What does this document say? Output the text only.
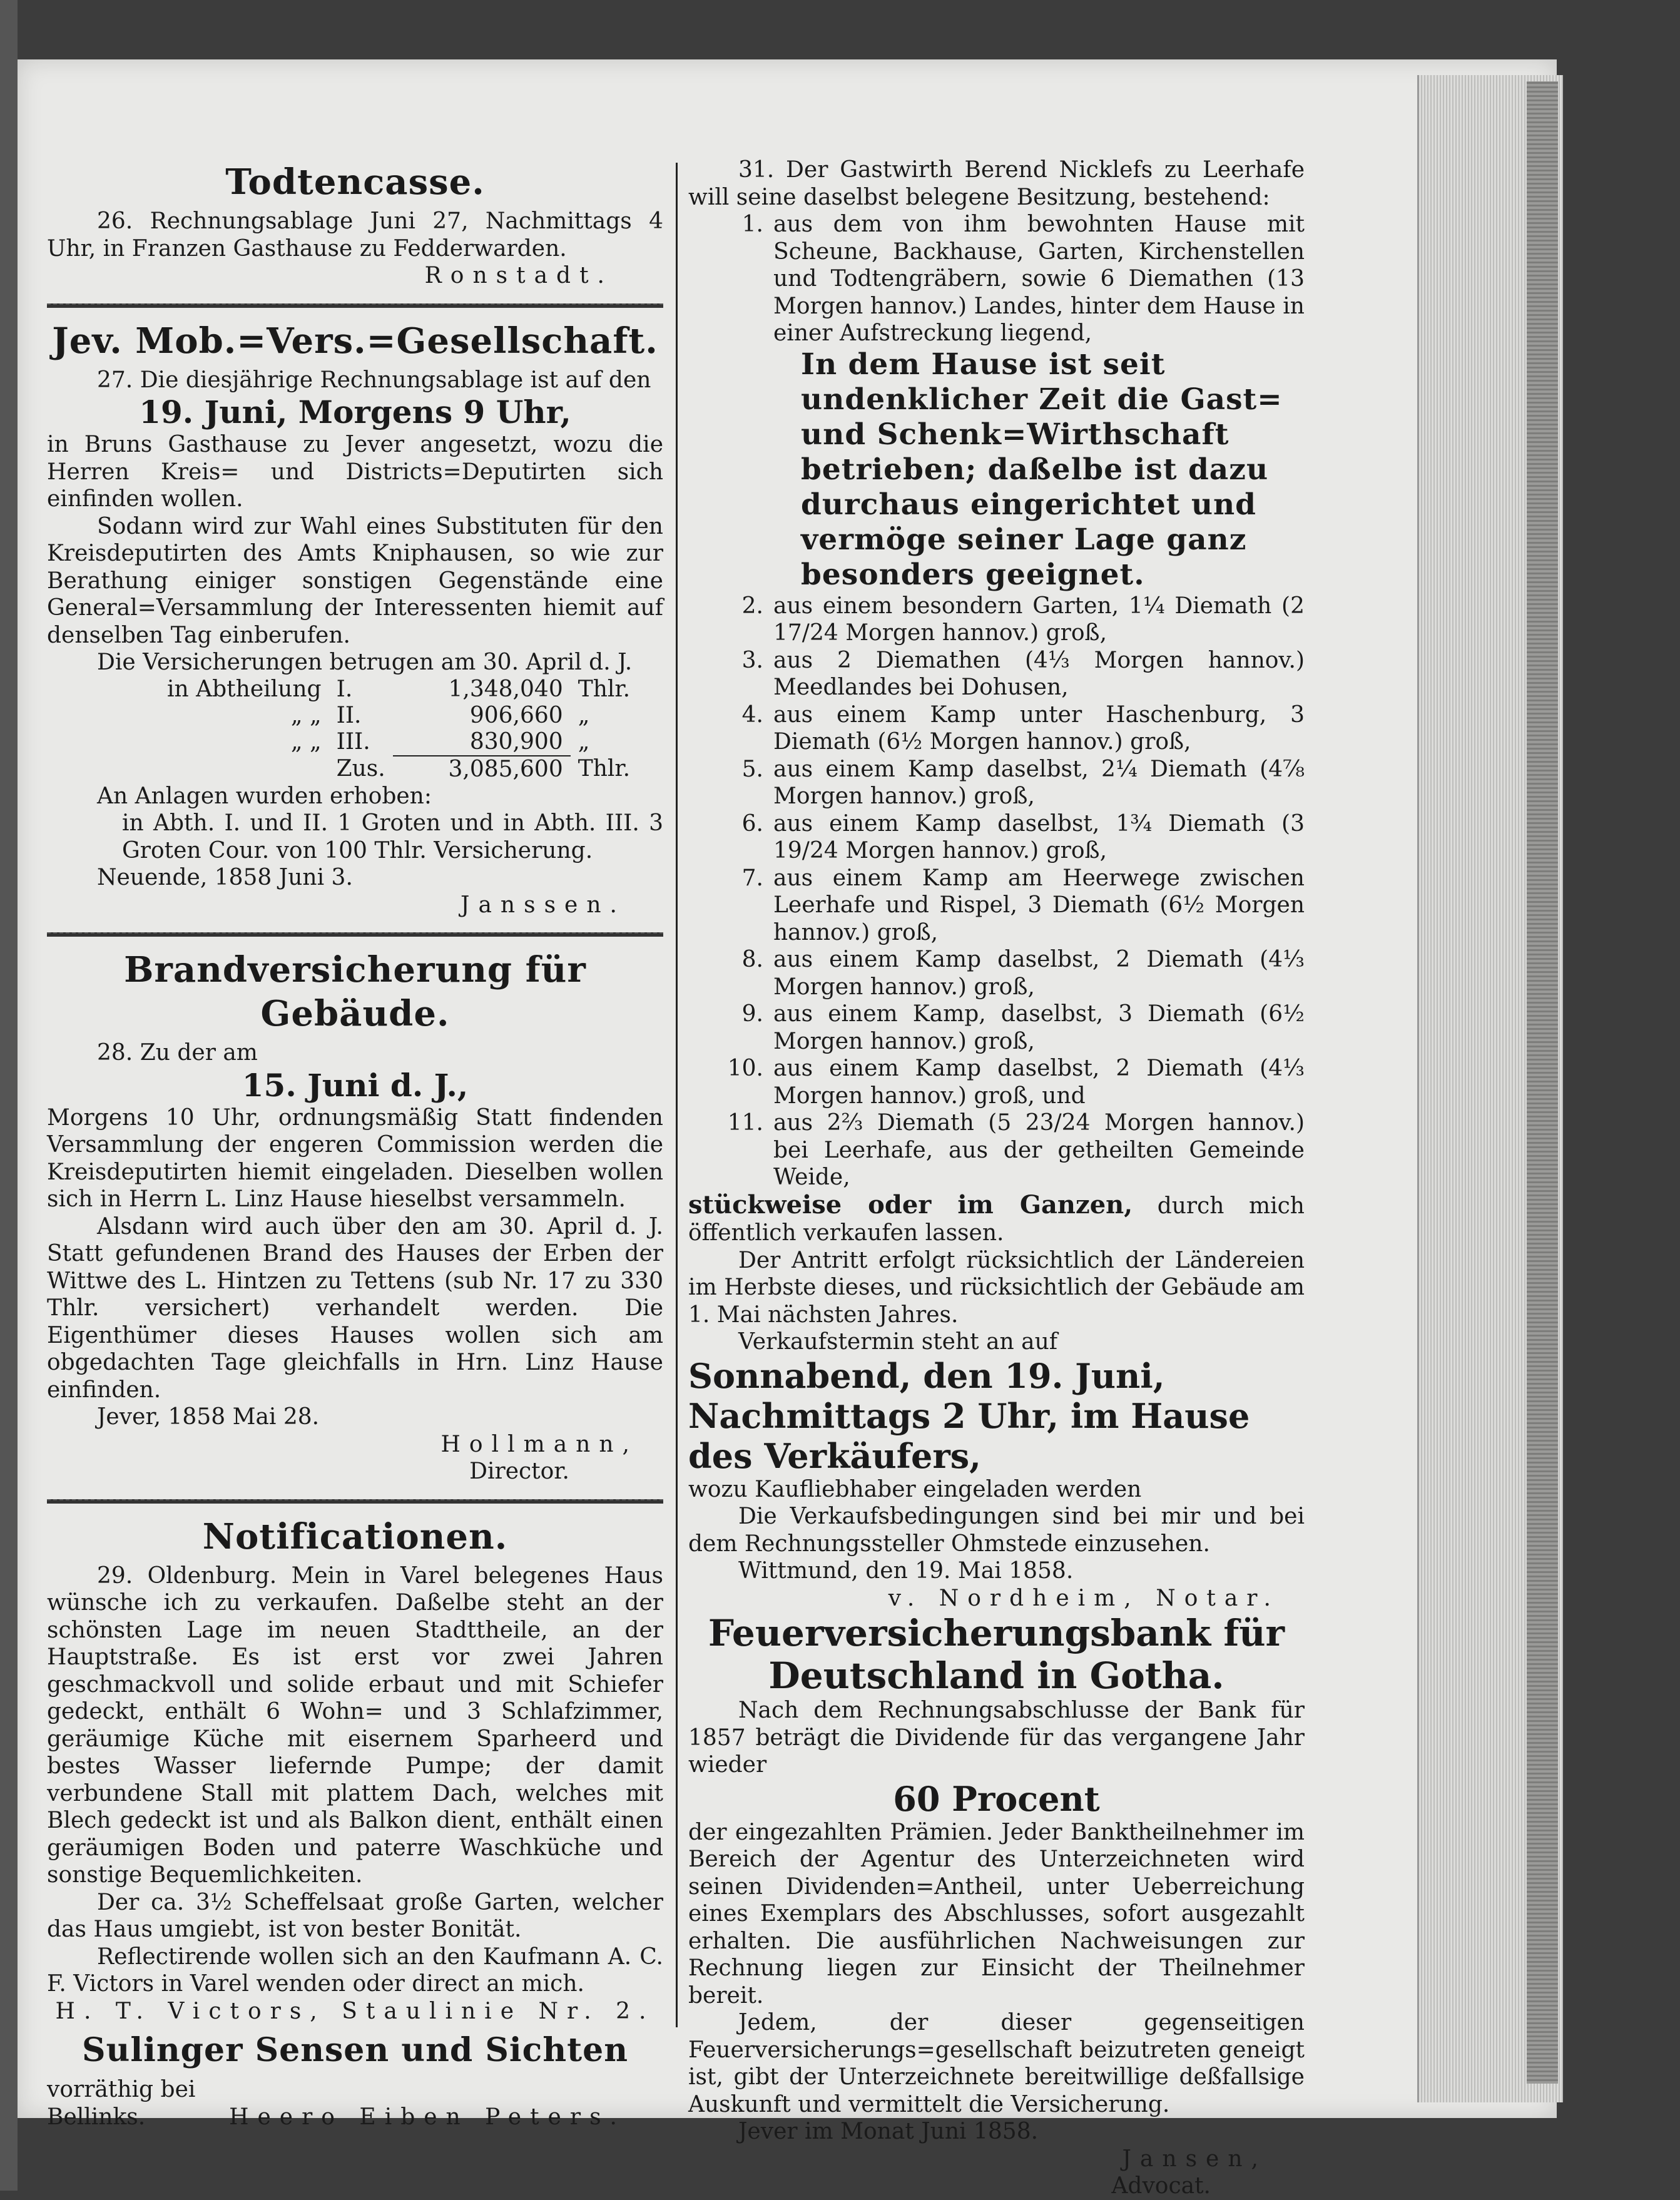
Todtencasse.

26. Rechnungsablage Juni 27, Nachmittags 4 Uhr, in Franzen Gasthause zu Fedderwarden.

Ronstadt.

Jev. Mob.=Vers.=Gesellschaft.

27. Die diesjährige Rechnungsablage ist auf den

19. Juni, Morgens 9 Uhr,

in Bruns Gasthause zu Jever angesetzt, wozu die Herren Kreis= und Districts=Deputirten sich einfinden wollen.

Sodann wird zur Wahl eines Substituten für den Kreisdeputirten des Amts Kniphausen, so wie zur Berathung einiger sonstigen Gegenstände eine General=Versammlung der Interessenten hiemit auf denselben Tag einberufen.

Die Versicherungen betrugen am 30. April d. J.

in Abtheilung	I.	1,348,040	Thlr.
„ „	II.	906,660	„
„ „	III.	830,900	„
	Zus.	3,085,600	Thlr.

An Anlagen wurden erhoben:

in Abth. I. und II. 1 Groten und in Abth. III. 3 Groten Cour. von 100 Thlr. Versicherung.

Neuende, 1858 Juni 3.

Janssen.

Brandversicherung für Gebäude.

28. Zu der am

15. Juni d. J.,

Morgens 10 Uhr, ordnungsmäßig Statt findenden Versammlung der engeren Commission werden die Kreisdeputirten hiemit eingeladen. Dieselben wollen sich in Herrn L. Linz Hause hieselbst versammeln.

Alsdann wird auch über den am 30. April d. J. Statt gefundenen Brand des Hauses der Erben der Wittwe des L. Hintzen zu Tettens (sub Nr. 17 zu 330 Thlr. versichert) verhandelt werden. Die Eigenthümer dieses Hauses wollen sich am obgedachten Tage gleichfalls in Hrn. Linz Hause einfinden.

Jever, 1858 Mai 28.

Hollmann,

Director.

Notificationen.

29. Oldenburg. Mein in Varel belegenes Haus wünsche ich zu verkaufen. Daßelbe steht an der schönsten Lage im neuen Stadttheile, an der Hauptstraße. Es ist erst vor zwei Jahren geschmackvoll und solide erbaut und mit Schiefer gedeckt, enthält 6 Wohn= und 3 Schlafzimmer, geräumige Küche mit eisernem Sparheerd und bestes Wasser liefernde Pumpe; der damit verbundene Stall mit plattem Dach, welches mit Blech gedeckt ist und als Balkon dient, enthält einen geräumigen Boden und paterre Waschküche und sonstige Bequemlichkeiten.

Der ca. 3½ Scheffelsaat große Garten, welcher das Haus umgiebt, ist von bester Bonität.

Reflectirende wollen sich an den Kaufmann A. C. F. Victors in Varel wenden oder direct an mich.

H. T. Victors, Staulinie Nr. 2.

Sulinger Sensen und Sichten

vorräthig bei

Bellinks.	Heero Eiben Peters.

31. Der Gastwirth Berend Nicklefs zu Leerhafe will seine daselbst belegene Besitzung, bestehend:

1. aus dem von ihm bewohnten Hause mit Scheune, Backhause, Garten, Kirchenstellen und Todtengräbern, sowie 6 Diemathen (13 Morgen hannov.) Landes, hinter dem Hause in einer Aufstreckung liegend,
In dem Hause ist seit undenklicher Zeit die Gast= und Schenk=Wirthschaft betrieben; daßelbe ist dazu durchaus eingerichtet und vermöge seiner Lage ganz besonders geeignet.
2. aus einem besondern Garten, 1¼ Diemath (2 17/24 Morgen hannov.) groß,
3. aus 2 Diemathen (4⅓ Morgen hannov.) Meedlandes bei Dohusen,
4. aus einem Kamp unter Haschenburg, 3 Diemath (6½ Morgen hannov.) groß,
5. aus einem Kamp daselbst, 2¼ Diemath (4⅞ Morgen hannov.) groß,
6. aus einem Kamp daselbst, 1¾ Diemath (3 19/24 Morgen hannov.) groß,
7. aus einem Kamp am Heerwege zwischen Leerhafe und Rispel, 3 Diemath (6½ Morgen hannov.) groß,
8. aus einem Kamp daselbst, 2 Diemath (4⅓ Morgen hannov.) groß,
9. aus einem Kamp, daselbst, 3 Diemath (6½ Morgen hannov.) groß,
10. aus einem Kamp daselbst, 2 Diemath (4⅓ Morgen hannov.) groß, und
11. aus 2⅔ Diemath (5 23/24 Morgen hannov.) bei Leerhafe, aus der getheilten Gemeinde Weide,

stückweise oder im Ganzen, durch mich öffentlich verkaufen lassen.

Der Antritt erfolgt rücksichtlich der Ländereien im Herbste dieses, und rücksichtlich der Gebäude am 1. Mai nächsten Jahres.

Verkaufstermin steht an auf

Sonnabend, den 19. Juni, Nachmittags 2 Uhr, im Hause des Verkäufers,

wozu Kaufliebhaber eingeladen werden

Die Verkaufsbedingungen sind bei mir und bei dem Rechnungssteller Ohmstede einzusehen.

Wittmund, den 19. Mai 1858.

v. Nordheim, Notar.

Feuerversicherungsbank für Deutschland in Gotha.

Nach dem Rechnungsabschlusse der Bank für 1857 beträgt die Dividende für das vergangene Jahr wieder

60 Procent

der eingezahlten Prämien. Jeder Banktheilnehmer im Bereich der Agentur des Unterzeichneten wird seinen Dividenden=Antheil, unter Ueberreichung eines Exemplars des Abschlusses, sofort ausgezahlt erhalten. Die ausführlichen Nachweisungen zur Rechnung liegen zur Einsicht der Theilnehmer bereit.

Jedem, der dieser gegenseitigen Feuerversicherungs=gesellschaft beizutreten geneigt ist, gibt der Unterzeichnete bereitwillige deßfallsige Auskunft und vermittelt die Versicherung.

Jever im Monat Juni 1858.

Jansen,

Advocat.
